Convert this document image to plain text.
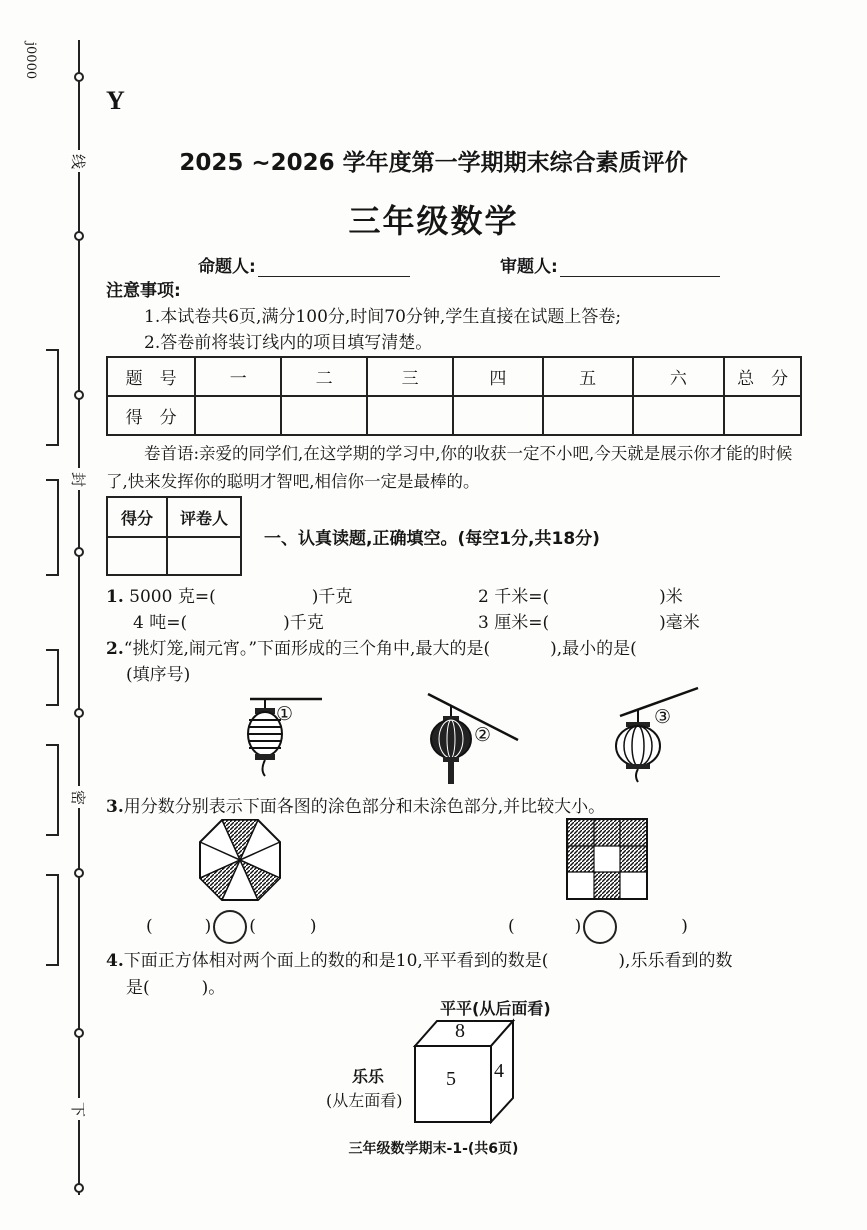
j0000
线
封
密
下
Y
2025 ~2026 学年度第一学期期末综合素质评价
三年级数学
命题人:	审题人:
注意事项:
1.本试卷共6页,满分100分,时间70分钟,学生直接在试题上答卷;
2.答卷前将装订线内的项目填写清楚。
题　号	一	二	三	四	五	六	总　分
得　分							
卷首语:亲爱的同学们,在这学期的学习中,你的收获一定不小吧,今天就是展示你才能的时候了,快来发挥你的聪明才智吧,相信你一定是最棒的。
得分	评卷人

一、认真读题,正确填空。(每空1分,共18分)
1. 5000 克=(	)千克	2 千米=(	)米
4 吨=(	)千克	3 厘米=(	)毫米
2.“挑灯笼,闹元宵。”下面形成的三个角中,最大的是(	),最小的是(
(填序号)
①
②
③
3.用分数分别表示下面各图的涂色部分和未涂色部分,并比较大小。
(	) (	)	(	)	)
4.下面正方体相对两个面上的数的和是10,平平看到的数是(	),乐乐看到的数
是(	)。
平平(从后面看)
8
5 4
乐乐
(从左面看)
三年级数学期末-1-(共6页)
